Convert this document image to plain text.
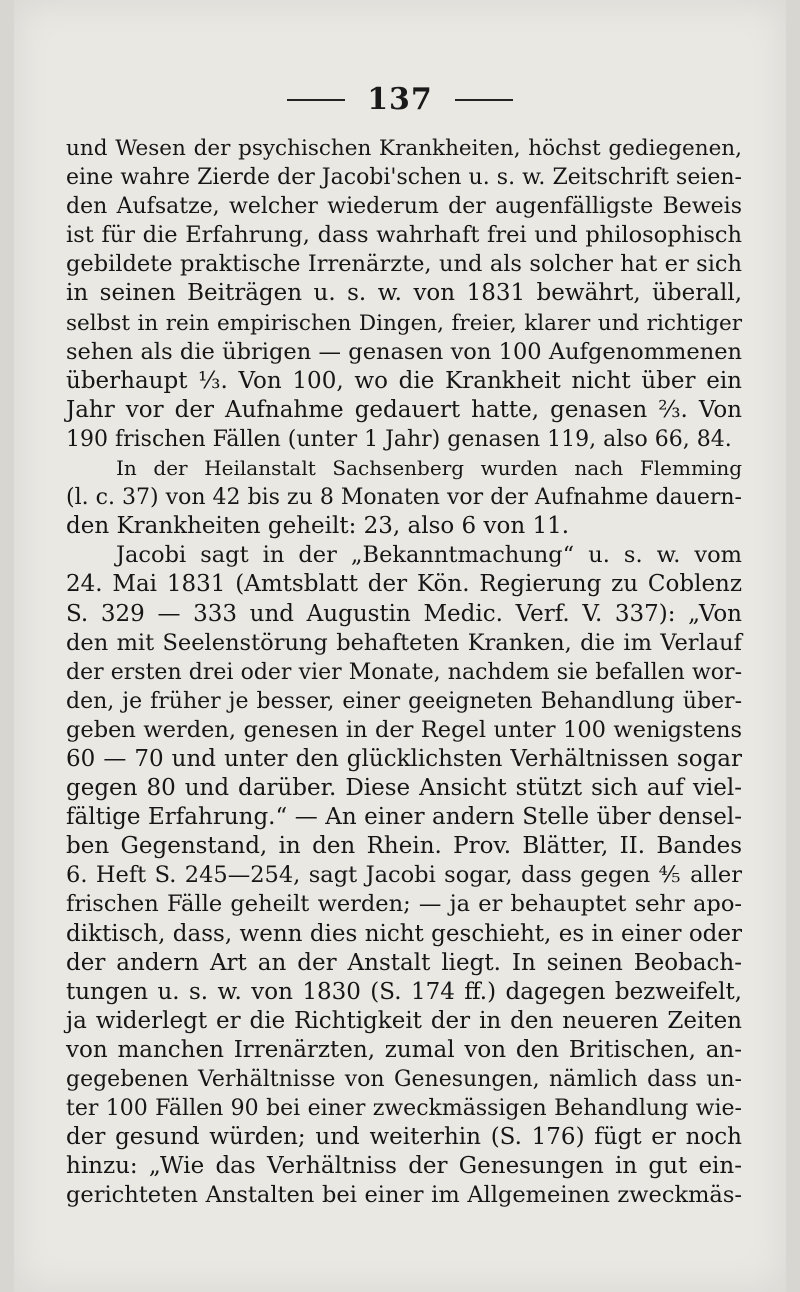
137
und Wesen der psychischen Krankheiten, höchst gediegenen,
eine wahre Zierde der Jacobi'schen u. s. w. Zeitschrift seien-
den Aufsatze, welcher wiederum der augenfälligste Beweis
ist für die Erfahrung, dass wahrhaft frei und philosophisch
gebildete praktische Irrenärzte, und als solcher hat er sich
in seinen Beiträgen u. s. w. von 1831 bewährt, überall,
selbst in rein empirischen Dingen, freier, klarer und richtiger
sehen als die übrigen — genasen von 100 Aufgenommenen
überhaupt ⅓. Von 100, wo die Krankheit nicht über ein
Jahr vor der Aufnahme gedauert hatte, genasen ⅔. Von
190 frischen Fällen (unter 1 Jahr) genasen 119, also 66, 84.
In der Heilanstalt Sachsenberg wurden nach Flemming
(l. c. 37) von 42 bis zu 8 Monaten vor der Aufnahme dauern-
den Krankheiten geheilt: 23, also 6 von 11.
Jacobi sagt in der „Bekanntmachung“ u. s. w. vom
24. Mai 1831 (Amtsblatt der Kön. Regierung zu Coblenz
S. 329 — 333 und Augustin Medic. Verf. V. 337): „Von
den mit Seelenstörung behafteten Kranken, die im Verlauf
der ersten drei oder vier Monate, nachdem sie befallen wor-
den, je früher je besser, einer geeigneten Behandlung über-
geben werden, genesen in der Regel unter 100 wenigstens
60 — 70 und unter den glücklichsten Verhältnissen sogar
gegen 80 und darüber. Diese Ansicht stützt sich auf viel-
fältige Erfahrung.“ — An einer andern Stelle über densel-
ben Gegenstand, in den Rhein. Prov. Blätter, II. Bandes
6. Heft S. 245—254, sagt Jacobi sogar, dass gegen ⅘ aller
frischen Fälle geheilt werden; — ja er behauptet sehr apo-
diktisch, dass, wenn dies nicht geschieht, es in einer oder
der andern Art an der Anstalt liegt. In seinen Beobach-
tungen u. s. w. von 1830 (S. 174 ff.) dagegen bezweifelt,
ja widerlegt er die Richtigkeit der in den neueren Zeiten
von manchen Irrenärzten, zumal von den Britischen, an-
gegebenen Verhältnisse von Genesungen, nämlich dass un-
ter 100 Fällen 90 bei einer zweckmässigen Behandlung wie-
der gesund würden; und weiterhin (S. 176) fügt er noch
hinzu: „Wie das Verhältniss der Genesungen in gut ein-
gerichteten Anstalten bei einer im Allgemeinen zweckmäs-
